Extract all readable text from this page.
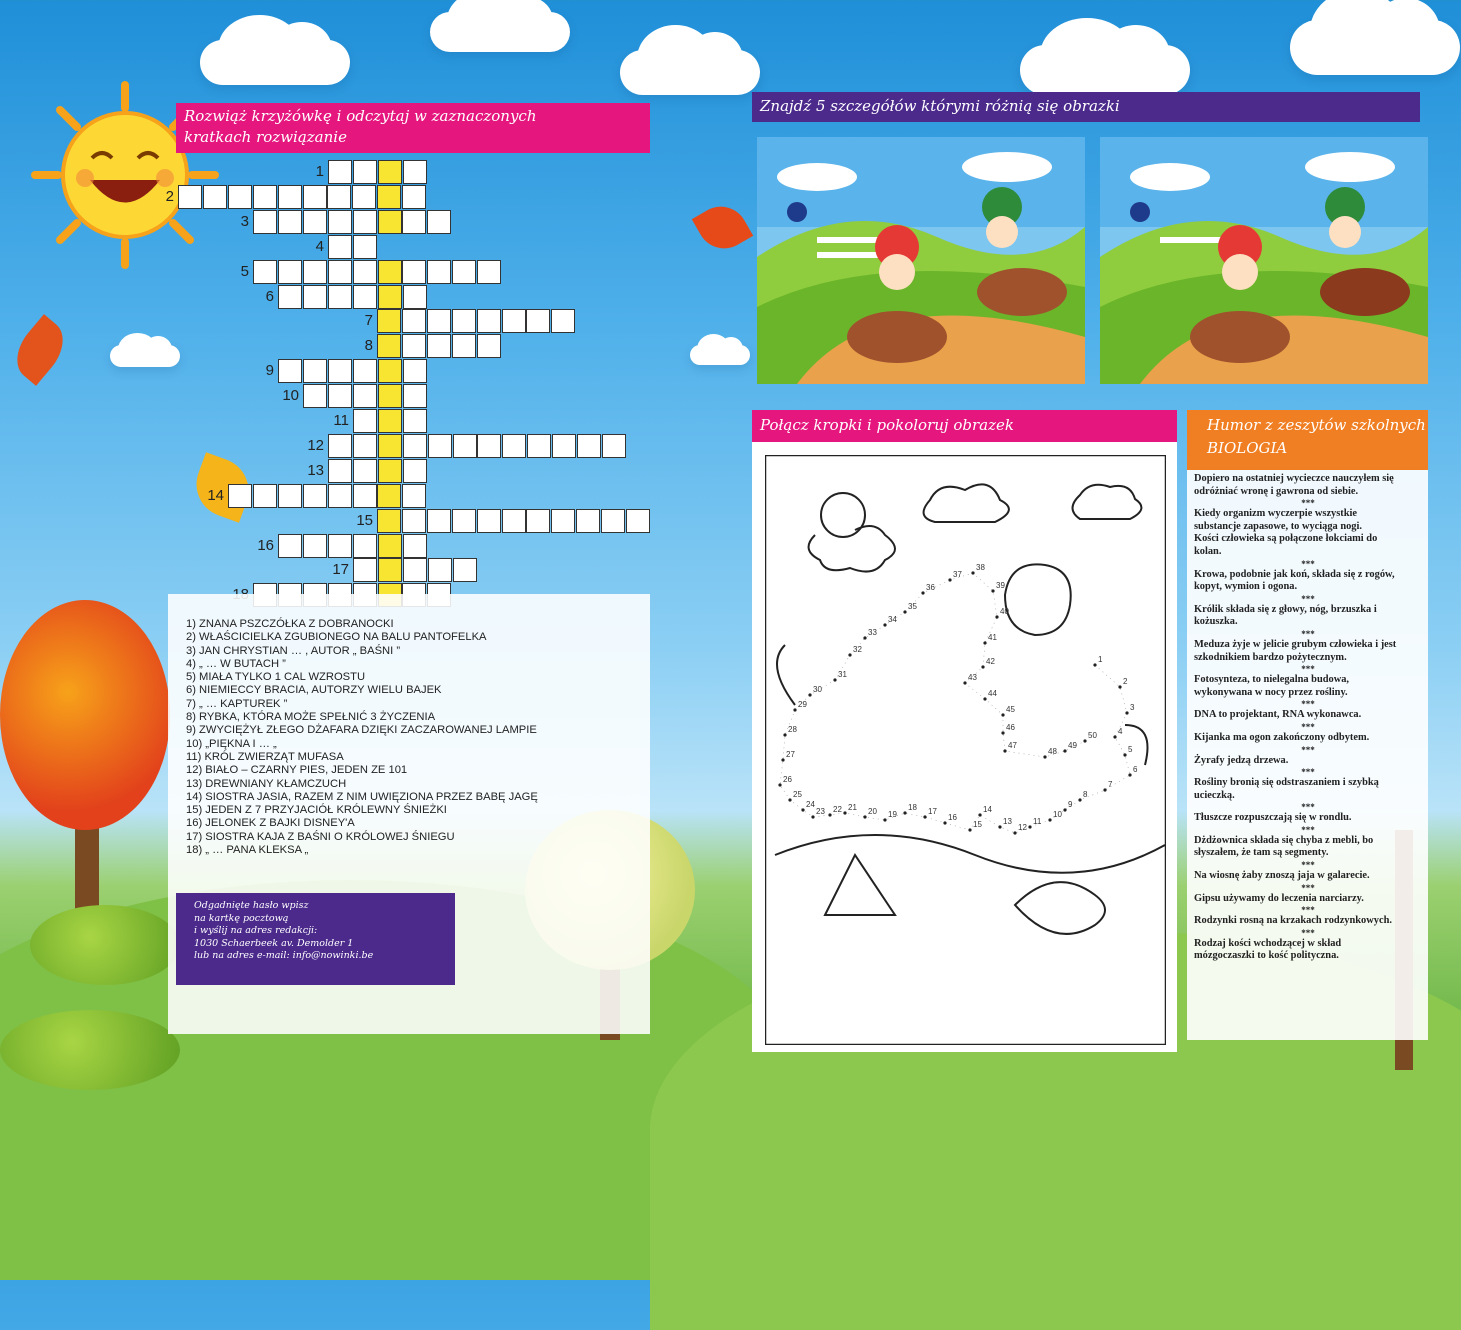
Rozwiąż krzyżówkę i odczytaj w zaznaczonych
kratkach rozwiązanie
1
2
3
4
5
6
7
8
9
10
11
12
13
14
15
16
17
1) ZNANA PSZCZÓŁKA Z DOBRANOCKI
2) WŁAŚCICIELKA ZGUBIONEGO NA BALU PANTOFELKA
3) JAN CHRYSTIAN … , AUTOR „ BAŚNI ”
4) „ … W BUTACH ”
5) MIAŁA TYLKO 1 CAL WZROSTU
6) NIEMIECCY BRACIA, AUTORZY WIELU BAJEK
7) „ … KAPTUREK ”
8) RYBKA, KTÓRA MOŻE SPEŁNIĆ 3 ŻYCZENIA
9) ZWYCIĘŻYŁ ZŁEGO DŻAFARA DZIĘKI ZACZAROWANEJ LAMPIE
10) „PIĘKNA I … „
11) KRÓL ZWIERZĄT MUFASA
12) BIAŁO – CZARNY PIES, JEDEN ZE 101
13) DREWNIANY KŁAMCZUCH
14) SIOSTRA JASIA, RAZEM Z NIM UWIĘZIONA PRZEZ BABĘ JAGĘ
15) JEDEN Z 7 PRZYJACIÓŁ KRÓLEWNY ŚNIEŻKI
16) JELONEK Z BAJKI DISNEY'A
17) SIOSTRA KAJA Z BAŚNI O KRÓLOWEJ ŚNIEGU
18) „ … PANA KLEKSA „
Odgadnięte hasło wpisz
na kartkę pocztową
i wyślij na adres redakcji:
1030 Schaerbeek av. Demolder 1
lub na adres e-mail: info@nowinki.be
Znajdź 5 szczegółów którymi różnią się obrazki
Połącz kropki i pokoloruj obrazek
1
2
3
4
5
6
7
8
9
10
11
12
13
14
15
16
17
18
19
20
21
22
23
24
25
26
27
28
29
30
31
32
33
34
35
36
37
38
39
40
41
42
43
44
45
46
47
48
49
50
Humor z zeszytów szkolnych
BIOLOGIA
Dopiero na ostatniej wycieczce nauczyłem się
odróżniać wronę i gawrona od siebie.
***
Kiedy organizm wyczerpie wszystkie
substancje zapasowe, to wyciąga nogi.
Kości człowieka są połączone łokciami do
kolan.
***
Krowa, podobnie jak koń, składa się z rogów,
kopyt, wymion i ogona.
***
Królik składa się z głowy, nóg, brzuszka i
kożuszka.
***
Meduza żyje w jelicie grubym człowieka i jest
szkodnikiem bardzo pożytecznym.
***
Fotosynteza, to nielegalna budowa,
wykonywana w nocy przez rośliny.
***
DNA to projektant, RNA wykonawca.
***
Kijanka ma ogon zakończony odbytem.
***
Żyrafy jedzą drzewa.
***
Rośliny bronią się odstraszaniem i szybką
ucieczką.
***
Tłuszcze rozpuszczają się w rondlu.
***
Dżdżownica składa się chyba z mebli, bo
słyszałem, że tam są segmenty.
***
Na wiosnę żaby znoszą jaja w galarecie.
***
Gipsu używamy do leczenia narciarzy.
***
Rodzynki rosną na krzakach rodzynkowych.
***
Rodzaj kości wchodzącej w skład
mózgoczaszki to kość polityczna.
